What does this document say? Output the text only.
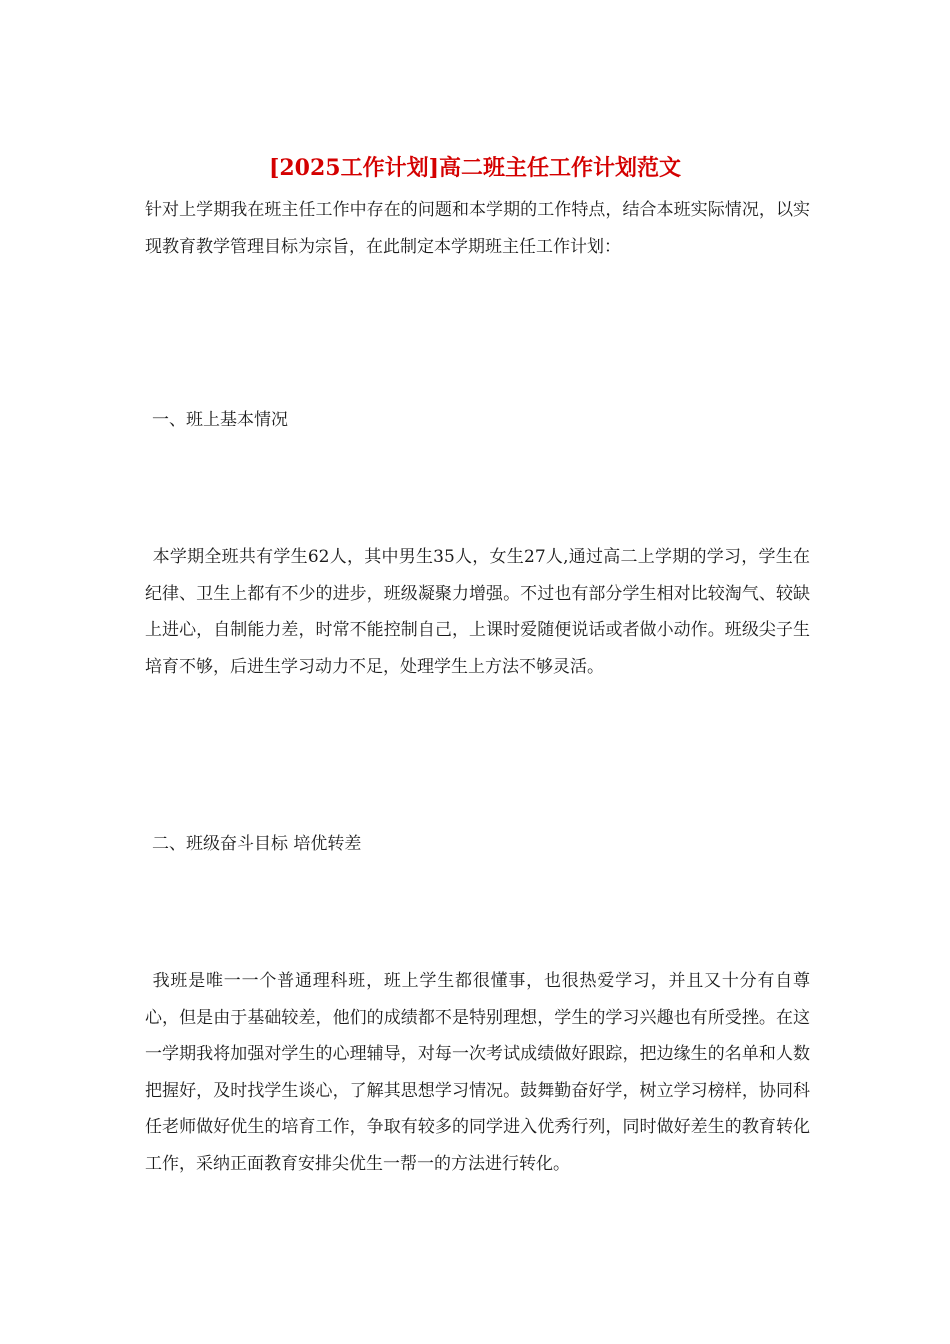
[2025工作计划]高二班主任工作计划范文

针对上学期我在班主任工作中存在的问题和本学期的工作特点，结合本班实际情况，以实现教育教学管理目标为宗旨，在此制定本学期班主任工作计划：

一、班上基本情况

本学期全班共有学生62人，其中男生35人，女生27人,通过高二上学期的学习，学生在纪律、卫生上都有不少的进步，班级凝聚力增强。不过也有部分学生相对比较淘气、较缺上进心，自制能力差，时常不能控制自己，上课时爱随便说话或者做小动作。班级尖子生培育不够，后进生学习动力不足，处理学生上方法不够灵活。

二、班级奋斗目标 培优转差

我班是唯一一个普通理科班，班上学生都很懂事，也很热爱学习，并且又十分有自尊心，但是由于基础较差，他们的成绩都不是特别理想，学生的学习兴趣也有所受挫。在这一学期我将加强对学生的心理辅导，对每一次考试成绩做好跟踪，把边缘生的名单和人数把握好，及时找学生谈心，了解其思想学习情况。鼓舞勤奋好学，树立学习榜样，协同科任老师做好优生的培育工作，争取有较多的同学进入优秀行列，同时做好差生的教育转化工作，采纳正面教育安排尖优生一帮一的方法进行转化。
